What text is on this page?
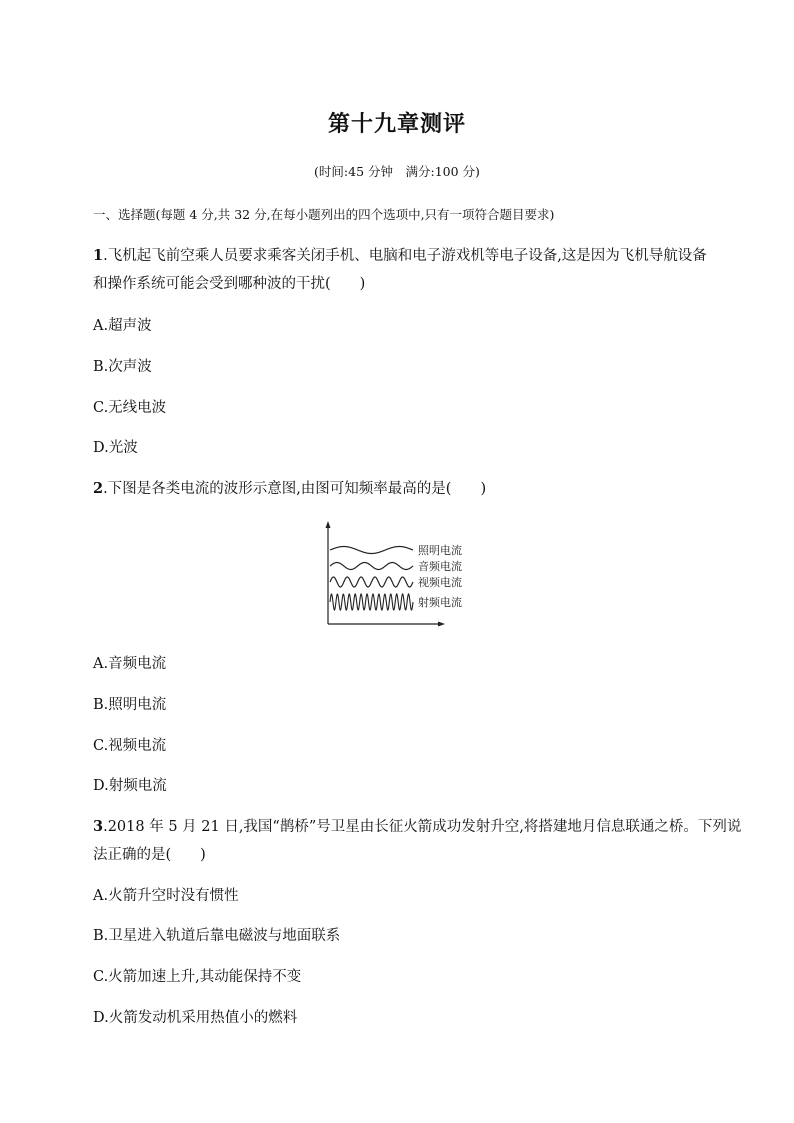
第十九章测评
(时间:45 分钟　满分:100 分)
一、选择题(每题 4 分,共 32 分,在每小题列出的四个选项中,只有一项符合题目要求)
1.飞机起飞前空乘人员要求乘客关闭手机、电脑和电子游戏机等电子设备,这是因为飞机导航设备
和操作系统可能会受到哪种波的干扰(　　)
A.超声波
B.次声波
C.无线电波
D.光波
2.下图是各类电流的波形示意图,由图可知频率最高的是(　　)
照明电流
音频电流
视频电流
射频电流
A.音频电流
B.照明电流
C.视频电流
D.射频电流
3.2018 年 5 月 21 日,我国“鹊桥”号卫星由长征火箭成功发射升空,将搭建地月信息联通之桥。下列说
法正确的是(　　)
A.火箭升空时没有惯性
B.卫星进入轨道后靠电磁波与地面联系
C.火箭加速上升,其动能保持不变
D.火箭发动机采用热值小的燃料
